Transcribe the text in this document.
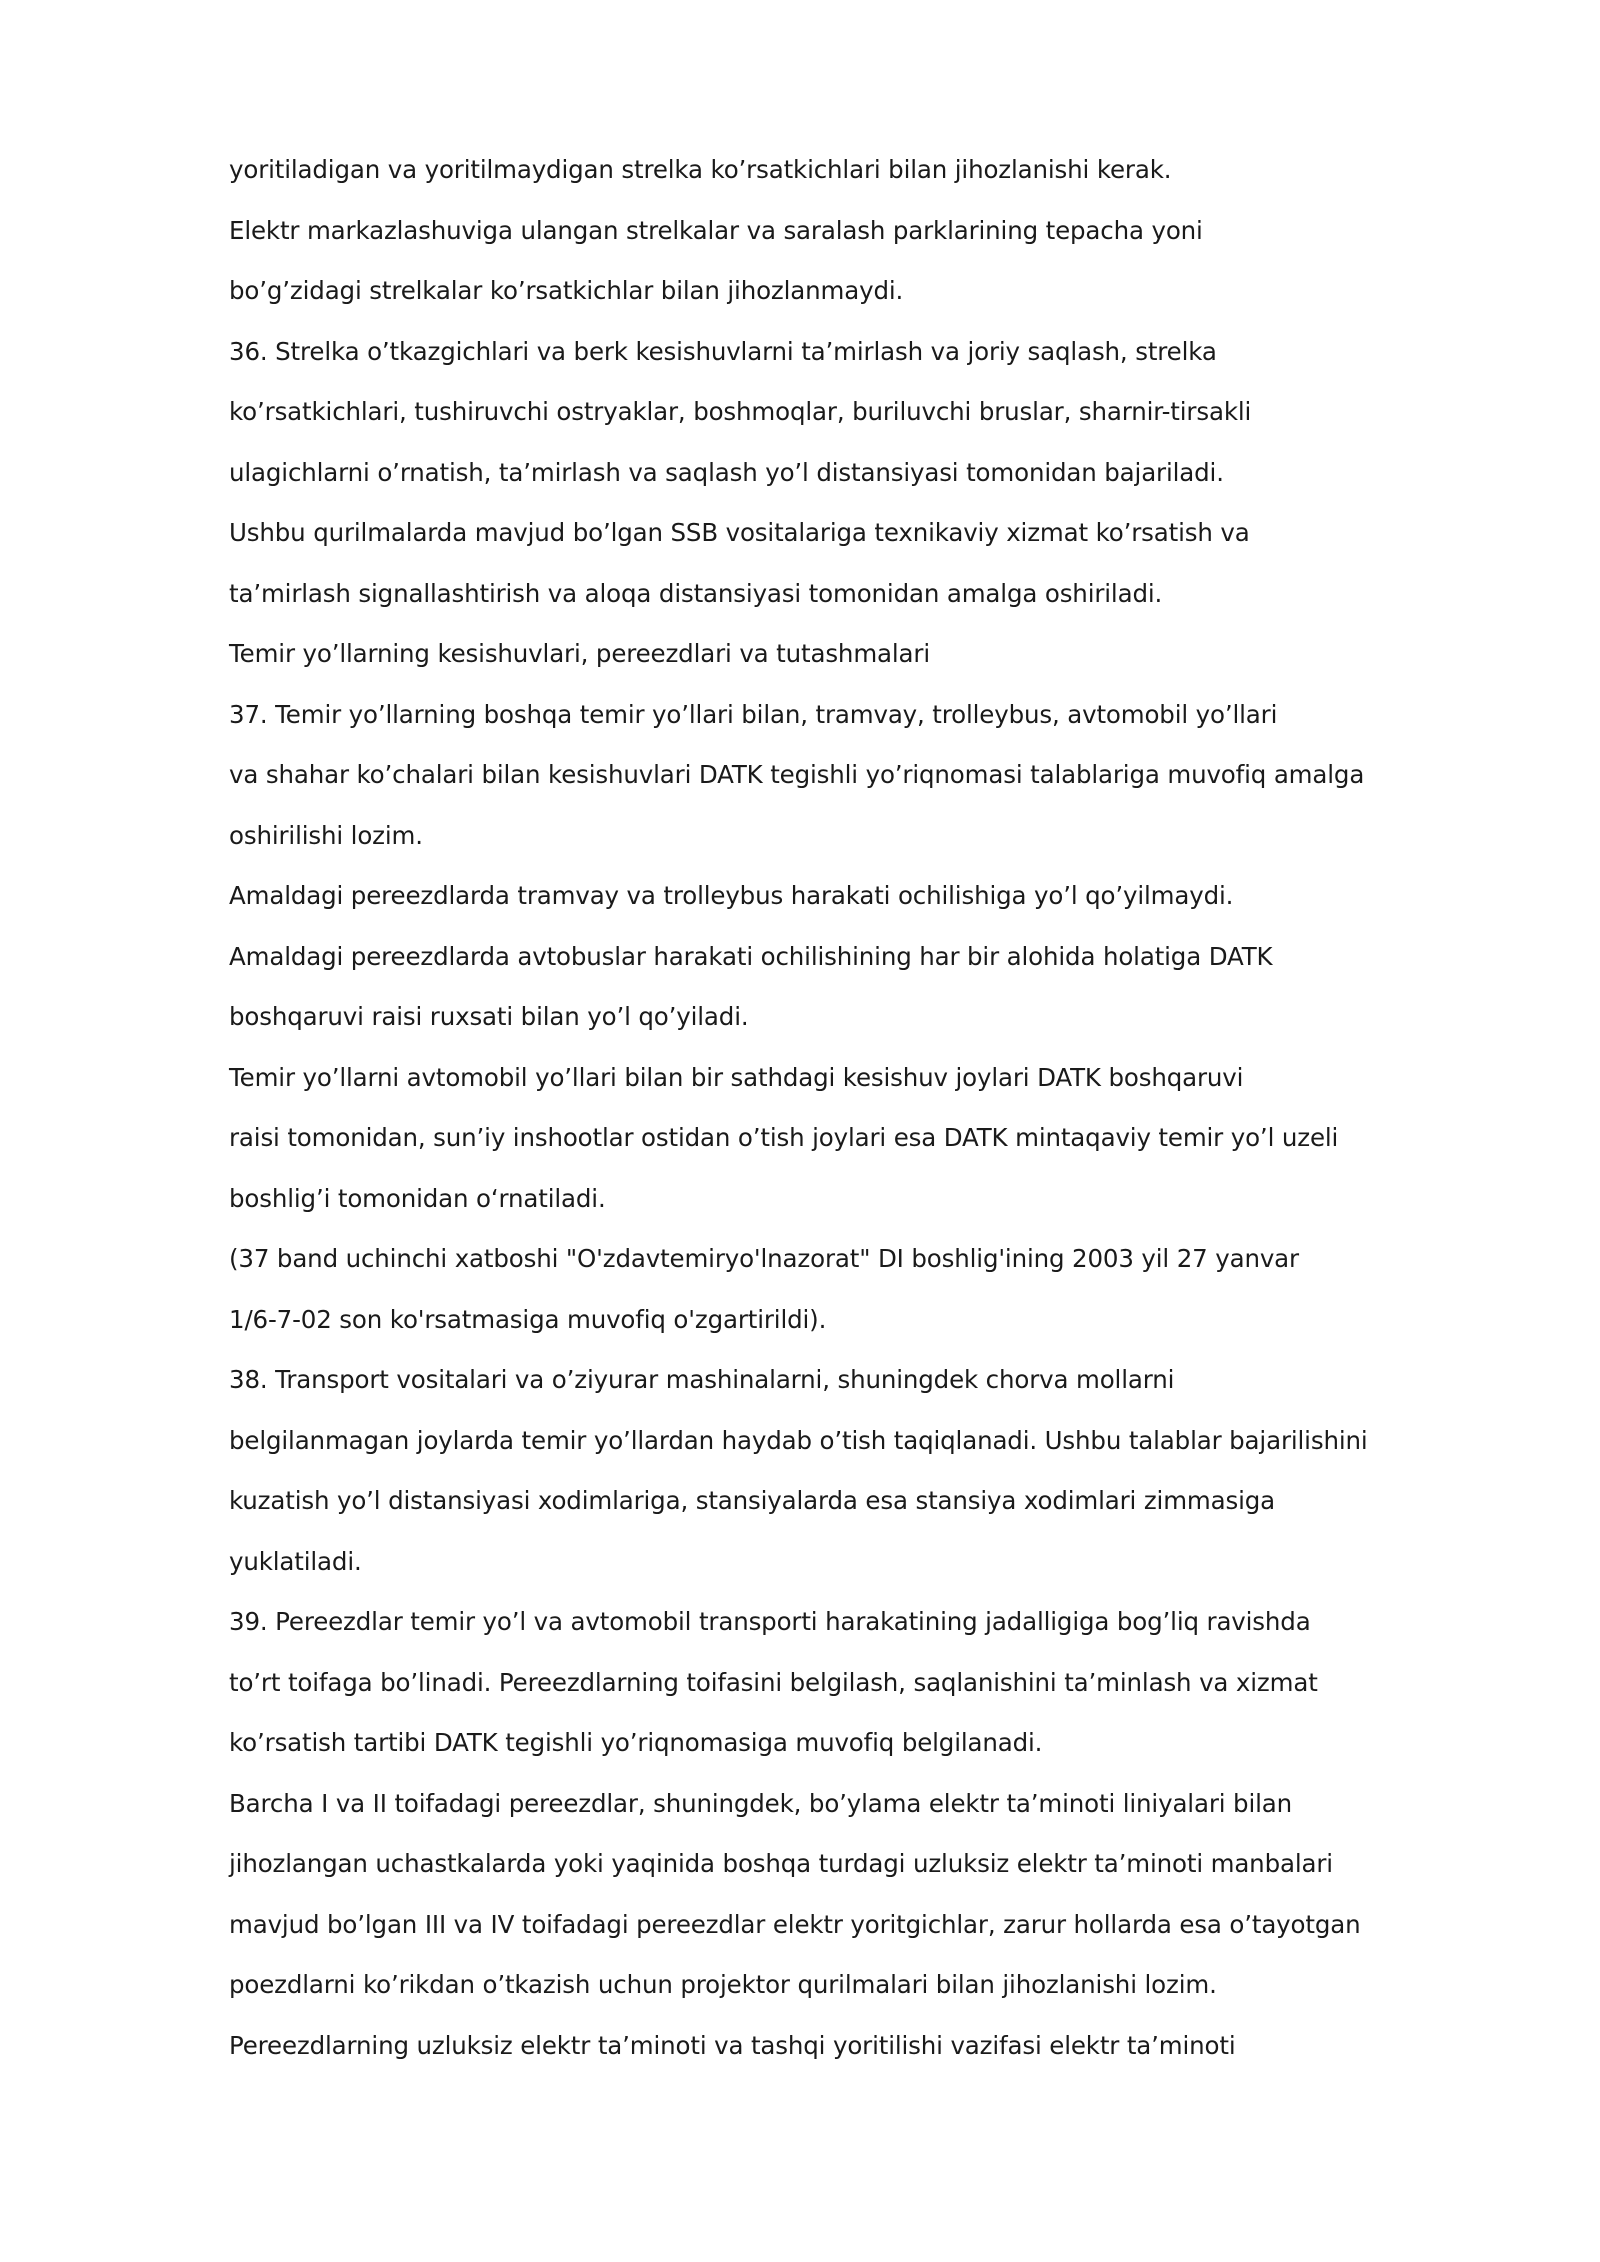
yoritiladigan va yoritilmaydigan strelka ko’rsatkichlari bilan jihozlanishi kerak.
Elektr markazlashuviga ulangan strelkalar va saralash parklarining tepacha yoni
bo’g’zidagi strelkalar ko’rsatkichlar bilan jihozlanmaydi.
36. Strelka o’tkazgichlari va berk kesishuvlarni ta’mirlash va joriy saqlash, strelka
ko’rsatkichlari, tushiruvchi ostryaklar, boshmoqlar, buriluvchi bruslar, sharnir-tirsakli
ulagichlarni o’rnatish, ta’mirlash va saqlash yo’l distansiyasi tomonidan bajariladi.
Ushbu qurilmalarda mavjud bo’lgan SSB vositalariga texnikaviy xizmat ko’rsatish va
ta’mirlash signallashtirish va aloqa distansiyasi tomonidan amalga oshiriladi.
Temir yo’llarning kesishuvlari, pereezdlari va tutashmalari
37. Temir yo’llarning boshqa temir yo’llari bilan, tramvay, trolleybus, avtomobil yo’llari
va shahar ko’chalari bilan kesishuvlari DATK tegishli yo’riqnomasi talablariga muvofiq amalga
oshirilishi lozim.
Amaldagi pereezdlarda tramvay va trolleybus harakati ochilishiga yo’l qo’yilmaydi.
Amaldagi pereezdlarda avtobuslar harakati ochilishining har bir alohida holatiga DATK
boshqaruvi raisi ruxsati bilan yo’l qo’yiladi.
Temir yo’llarni avtomobil yo’llari bilan bir sathdagi kesishuv joylari DATK boshqaruvi
raisi tomonidan, sun’iy inshootlar ostidan o’tish joylari esa DATK mintaqaviy temir yo’l uzeli
boshlig’i tomonidan o‘rnatiladi.
(37 band uchinchi xatboshi "O'zdavtemiryo'lnazorat" DI boshlig'ining 2003 yil 27 yanvar
1/6-7-02 son ko'rsatmasiga muvofiq o'zgartirildi).
38. Transport vositalari va o’ziyurar mashinalarni, shuningdek chorva mollarni
belgilanmagan joylarda temir yo’llardan haydab o’tish taqiqlanadi. Ushbu talablar bajarilishini
kuzatish yo’l distansiyasi xodimlariga, stansiyalarda esa stansiya xodimlari zimmasiga
yuklatiladi.
39. Pereezdlar temir yo’l va avtomobil transporti harakatining jadalligiga bog’liq ravishda
to’rt toifaga bo’linadi. Pereezdlarning toifasini belgilash, saqlanishini ta’minlash va xizmat
ko’rsatish tartibi DATK tegishli yo’riqnomasiga muvofiq belgilanadi.
Barcha I va II toifadagi pereezdlar, shuningdek, bo’ylama elektr ta’minoti liniyalari bilan
jihozlangan uchastkalarda yoki yaqinida boshqa turdagi uzluksiz elektr ta’minoti manbalari
mavjud bo’lgan III va IV toifadagi pereezdlar elektr yoritgichlar, zarur hollarda esa o’tayotgan
poezdlarni ko’rikdan o’tkazish uchun projektor qurilmalari bilan jihozlanishi lozim.
Pereezdlarning uzluksiz elektr ta’minoti va tashqi yoritilishi vazifasi elektr ta’minoti
